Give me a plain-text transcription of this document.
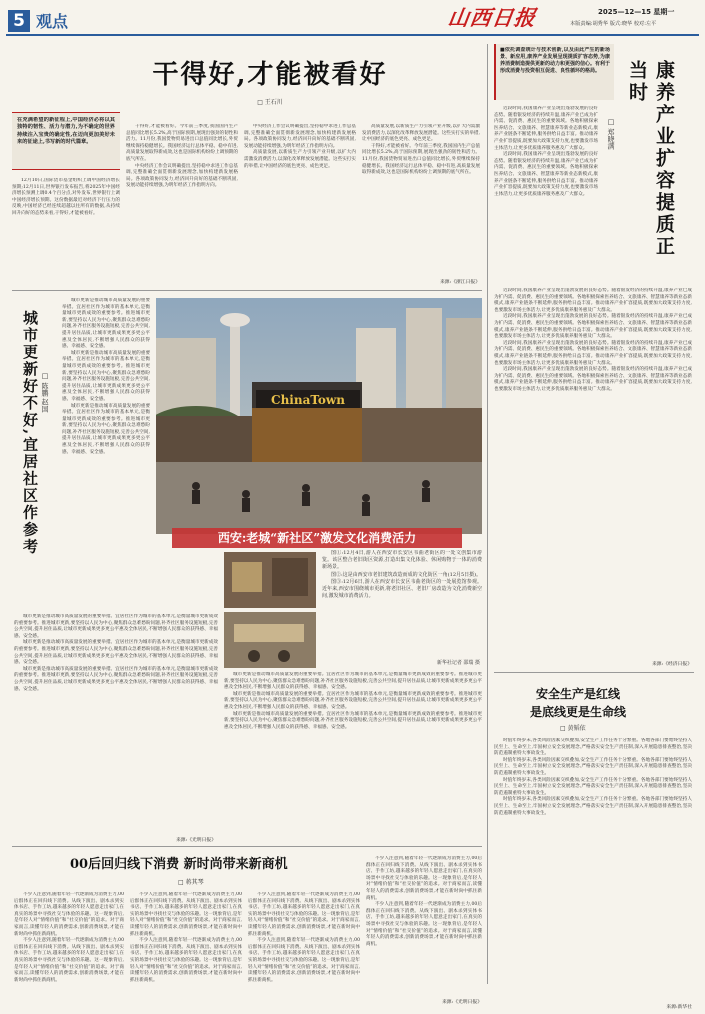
5 观点	山西日报	2025—12—15 星期一
本版责编:胡秀华 版式:晓华 校对:左平
干得好,才能被看好
□ 王石川
在充满希望的新征程上,中国经济必将以其独特的韧性、活力与潜力,为不确定的世界持续注入宝贵的确定性,在迈向更加美好未来的征途上,书写新的时代篇章。

12月10日,国际货币基金组织上调中国经济增长预期;12月11日,世界银行发布报告,将2025年中国经济增长预测上调0.4个百分点,对外发布,世界银行上调中国经济增长预期。这份数据最近对经济下行压力的反映,中国经济已经连续超越以往所有的数据,从持续回升向好的态势来看,干得好,才能被看好。

干得好,才能被看好。今年前三季度,我国国内生产总值同比增长5.2%,高于国际预期,展现出强劲的韧性和活力。11月份,我国货物贸易进出口总值同比增长,外贸继续保持稳健增长。我国经济运行总体平稳、稳中有进,高质量发展取得新成效,这也是国际机构纷纷上调预期的底气所在。

中央经济工作会议明确提出,坚持稳中求进工作总基调,完整准确全面贯彻新发展理念,加快构建新发展格局。各项政策协同发力,经济回升向好的基础不断巩固,发展动能持续增强,为明年经济工作指明方向。

中央经济工作会议明确提出,坚持稳中求进工作总基调,完整准确全面贯彻新发展理念,加快构建新发展格局。各项政策协同发力,经济回升向好的基础不断巩固,发展动能持续增强,为明年经济工作指明方向。

高质量发展,以新质生产力引领产业升级,以扩大内需激发消费活力,以深化改革释放发展潜能。这些实打实的举措,让中国经济的底色更亮、成色更足。

高质量发展,以新质生产力引领产业升级,以扩大内需激发消费活力,以深化改革释放发展潜能。这些实打实的举措,让中国经济的底色更亮、成色更足。

干得好,才能被看好。今年前三季度,我国国内生产总值同比增长5.2%,高于国际预期,展现出强劲的韧性和活力。11月份,我国货物贸易进出口总值同比增长,外贸继续保持稳健增长。我国经济运行总体平稳、稳中有进,高质量发展取得新成效,这也是国际机构纷纷上调预期的底气所在。

来源:《浙江日报》
■依托调查统计与技术创新,以及由此产生的新场景、新应用,康养产业发展呈现提质扩容态势,为康养消费制造提供更新的动力和更强的信心。有利于形成消费与投资相互促进、良性循环的格局。	康养产业扩容提质正当时
□ 郑晓满

近段时间,我国康养产业呈现出蓬勃发展的良好态势。随着银发经济的持续升温,康养产业已成为扩内需、促消费、惠民生的重要领域。各地积极探索医养结合、文旅康养、智慧康养等新业态新模式,康养产业链条不断延伸,服务供给日益丰富。推动康养产业扩容提质,既要加大政策支持力度,也要激发市场主体活力,让更多优质康养服务惠及广大群众。

近段时间,我国康养产业呈现出蓬勃发展的良好态势。随着银发经济的持续升温,康养产业已成为扩内需、促消费、惠民生的重要领域。各地积极探索医养结合、文旅康养、智慧康养等新业态新模式,康养产业链条不断延伸,服务供给日益丰富。推动康养产业扩容提质,既要加大政策支持力度,也要激发市场主体活力,让更多优质康养服务惠及广大群众。

近段时间,我国康养产业呈现出蓬勃发展的良好态势。随着银发经济的持续升温,康养产业已成为扩内需、促消费、惠民生的重要领域。各地积极探索医养结合、文旅康养、智慧康养等新业态新模式,康养产业链条不断延伸,服务供给日益丰富。推动康养产业扩容提质,既要加大政策支持力度,也要激发市场主体活力,让更多优质康养服务惠及广大群众。

近段时间,我国康养产业呈现出蓬勃发展的良好态势。随着银发经济的持续升温,康养产业已成为扩内需、促消费、惠民生的重要领域。各地积极探索医养结合、文旅康养、智慧康养等新业态新模式,康养产业链条不断延伸,服务供给日益丰富。推动康养产业扩容提质,既要加大政策支持力度,也要激发市场主体活力,让更多优质康养服务惠及广大群众。

近段时间,我国康养产业呈现出蓬勃发展的良好态势。随着银发经济的持续升温,康养产业已成为扩内需、促消费、惠民生的重要领域。各地积极探索医养结合、文旅康养、智慧康养等新业态新模式,康养产业链条不断延伸,服务供给日益丰富。推动康养产业扩容提质,既要加大政策支持力度,也要激发市场主体活力,让更多优质康养服务惠及广大群众。

近段时间,我国康养产业呈现出蓬勃发展的良好态势。随着银发经济的持续升温,康养产业已成为扩内需、促消费、惠民生的重要领域。各地积极探索医养结合、文旅康养、智慧康养等新业态新模式,康养产业链条不断延伸,服务供给日益丰富。推动康养产业扩容提质,既要加大政策支持力度,也要激发市场主体活力,让更多优质康养服务惠及广大群众。

来源:《经济日报》
安全生产是红线
是底线更是生命线
□ 黄韬依

时值年终岁末,各类风险因素交织叠加,安全生产工作任务十分繁重。各地各部门要始终坚持人民至上、生命至上,牢固树立安全发展理念,严格落实安全生产责任制,深入开展隐患排查整治,坚决防范遏制重特大事故发生。

时值年终岁末,各类风险因素交织叠加,安全生产工作任务十分繁重。各地各部门要始终坚持人民至上、生命至上,牢固树立安全发展理念,严格落实安全生产责任制,深入开展隐患排查整治,坚决防范遏制重特大事故发生。

时值年终岁末,各类风险因素交织叠加,安全生产工作任务十分繁重。各地各部门要始终坚持人民至上、生命至上,牢固树立安全发展理念,严格落实安全生产责任制,深入开展隐患排查整治,坚决防范遏制重特大事故发生。

时值年终岁末,各类风险因素交织叠加,安全生产工作任务十分繁重。各地各部门要始终坚持人民至上、生命至上,牢固树立安全发展理念,严格落实安全生产责任制,深入开展隐患排查整治,坚决防范遏制重特大事故发生。

来源:新华社
城市更新好不好,宜居社区作参考 □ 陈鹏 赵国

城市更新是推动城市高质量发展的重要举措。宜居社区作为城市的基本单元,是衡量城市更新成效的重要参考。推进城市更新,要坚持以人民为中心,聚焦群众急难愁盼问题,补齐社区服务设施短板,完善公共空间,提升居住品质,让城市更新成果更多更公平惠及全体居民,不断增强人民群众的获得感、幸福感、安全感。

城市更新是推动城市高质量发展的重要举措。宜居社区作为城市的基本单元,是衡量城市更新成效的重要参考。推进城市更新,要坚持以人民为中心,聚焦群众急难愁盼问题,补齐社区服务设施短板,完善公共空间,提升居住品质,让城市更新成果更多更公平惠及全体居民,不断增强人民群众的获得感、幸福感、安全感。

城市更新是推动城市高质量发展的重要举措。宜居社区作为城市的基本单元,是衡量城市更新成效的重要参考。推进城市更新,要坚持以人民为中心,聚焦群众急难愁盼问题,补齐社区服务设施短板,完善公共空间,提升居住品质,让城市更新成果更多更公平惠及全体居民,不断增强人民群众的获得感、幸福感、安全感。

城市更新是推动城市高质量发展的重要举措。宜居社区作为城市的基本单元,是衡量城市更新成效的重要参考。推进城市更新,要坚持以人民为中心,聚焦群众急难愁盼问题,补齐社区服务设施短板,完善公共空间,提升居住品质,让城市更新成果更多更公平惠及全体居民,不断增强人民群众的获得感、幸福感、安全感。

城市更新是推动城市高质量发展的重要举措。宜居社区作为城市的基本单元,是衡量城市更新成效的重要参考。推进城市更新,要坚持以人民为中心,聚焦群众急难愁盼问题,补齐社区服务设施短板,完善公共空间,提升居住品质,让城市更新成果更多更公平惠及全体居民,不断增强人民群众的获得感、幸福感、安全感。

城市更新是推动城市高质量发展的重要举措。宜居社区作为城市的基本单元,是衡量城市更新成效的重要参考。推进城市更新,要坚持以人民为中心,聚焦群众急难愁盼问题,补齐社区服务设施短板,完善公共空间,提升居住品质,让城市更新成果更多更公平惠及全体居民,不断增强人民群众的获得感、幸福感、安全感。

来源:《光明日报》
ChinaTown
西安:老城“新社区”激发文化消费活力

图①:12月4日,游人在西安市长安区韦曲老街区的一处文创集市游览。该区整合老旧街区资源,打造出集文化体验、休闲购物于一体的消费新场景。

图②:这是由西安市老旧建筑改造而成的文化街区一角(12月5日摄)。

图③:12月6日,游人在西安市长安区韦曲老街区的一处展览馆参观。近年来,西安市围绕城市更新,将老旧社区、老旧厂房改造为文化消费新空间,激发城市消费活力。

新华社记者 邵瑞 摄

城市更新是推动城市高质量发展的重要举措。宜居社区作为城市的基本单元,是衡量城市更新成效的重要参考。推进城市更新,要坚持以人民为中心,聚焦群众急难愁盼问题,补齐社区服务设施短板,完善公共空间,提升居住品质,让城市更新成果更多更公平惠及全体居民,不断增强人民群众的获得感、幸福感、安全感。

城市更新是推动城市高质量发展的重要举措。宜居社区作为城市的基本单元,是衡量城市更新成效的重要参考。推进城市更新,要坚持以人民为中心,聚焦群众急难愁盼问题,补齐社区服务设施短板,完善公共空间,提升居住品质,让城市更新成果更多更公平惠及全体居民,不断增强人民群众的获得感、幸福感、安全感。

城市更新是推动城市高质量发展的重要举措。宜居社区作为城市的基本单元,是衡量城市更新成效的重要参考。推进城市更新,要坚持以人民为中心,聚焦群众急难愁盼问题,补齐社区服务设施短板,完善公共空间,提升居住品质,让城市更新成果更多更公平惠及全体居民,不断增强人民群众的获得感、幸福感、安全感。

00后回归线下消费 新时尚带来新商机
□ 蒋其琴

不少人注意到,随着年轻一代逐渐成为消费主力,00后群体正在回归线下消费。从线下演出、剧本杀到实体书店、手作工坊,越来越多的年轻人愿意走出家门,在真实的场景中寻找社交与体验的乐趣。这一现象背后,是年轻人对“情绪价值”和“社交价值”的追求。对于商家而言,读懂年轻人的消费需求,创新消费场景,才能在新时尚中抓住新商机。

不少人注意到,随着年轻一代逐渐成为消费主力,00后群体正在回归线下消费。从线下演出、剧本杀到实体书店、手作工坊,越来越多的年轻人愿意走出家门,在真实的场景中寻找社交与体验的乐趣。这一现象背后,是年轻人对“情绪价值”和“社交价值”的追求。对于商家而言,读懂年轻人的消费需求,创新消费场景,才能在新时尚中抓住新商机。

不少人注意到,随着年轻一代逐渐成为消费主力,00后群体正在回归线下消费。从线下演出、剧本杀到实体书店、手作工坊,越来越多的年轻人愿意走出家门,在真实的场景中寻找社交与体验的乐趣。这一现象背后,是年轻人对“情绪价值”和“社交价值”的追求。对于商家而言,读懂年轻人的消费需求,创新消费场景,才能在新时尚中抓住新商机。

不少人注意到,随着年轻一代逐渐成为消费主力,00后群体正在回归线下消费。从线下演出、剧本杀到实体书店、手作工坊,越来越多的年轻人愿意走出家门,在真实的场景中寻找社交与体验的乐趣。这一现象背后,是年轻人对“情绪价值”和“社交价值”的追求。对于商家而言,读懂年轻人的消费需求,创新消费场景,才能在新时尚中抓住新商机。

不少人注意到,随着年轻一代逐渐成为消费主力,00后群体正在回归线下消费。从线下演出、剧本杀到实体书店、手作工坊,越来越多的年轻人愿意走出家门,在真实的场景中寻找社交与体验的乐趣。这一现象背后,是年轻人对“情绪价值”和“社交价值”的追求。对于商家而言,读懂年轻人的消费需求,创新消费场景,才能在新时尚中抓住新商机。

不少人注意到,随着年轻一代逐渐成为消费主力,00后群体正在回归线下消费。从线下演出、剧本杀到实体书店、手作工坊,越来越多的年轻人愿意走出家门,在真实的场景中寻找社交与体验的乐趣。这一现象背后,是年轻人对“情绪价值”和“社交价值”的追求。对于商家而言,读懂年轻人的消费需求,创新消费场景,才能在新时尚中抓住新商机。

不少人注意到,随着年轻一代逐渐成为消费主力,00后群体正在回归线下消费。从线下演出、剧本杀到实体书店、手作工坊,越来越多的年轻人愿意走出家门,在真实的场景中寻找社交与体验的乐趣。这一现象背后,是年轻人对“情绪价值”和“社交价值”的追求。对于商家而言,读懂年轻人的消费需求,创新消费场景,才能在新时尚中抓住新商机。

不少人注意到,随着年轻一代逐渐成为消费主力,00后群体正在回归线下消费。从线下演出、剧本杀到实体书店、手作工坊,越来越多的年轻人愿意走出家门,在真实的场景中寻找社交与体验的乐趣。这一现象背后,是年轻人对“情绪价值”和“社交价值”的追求。对于商家而言,读懂年轻人的消费需求,创新消费场景,才能在新时尚中抓住新商机。

来源:《光明日报》
